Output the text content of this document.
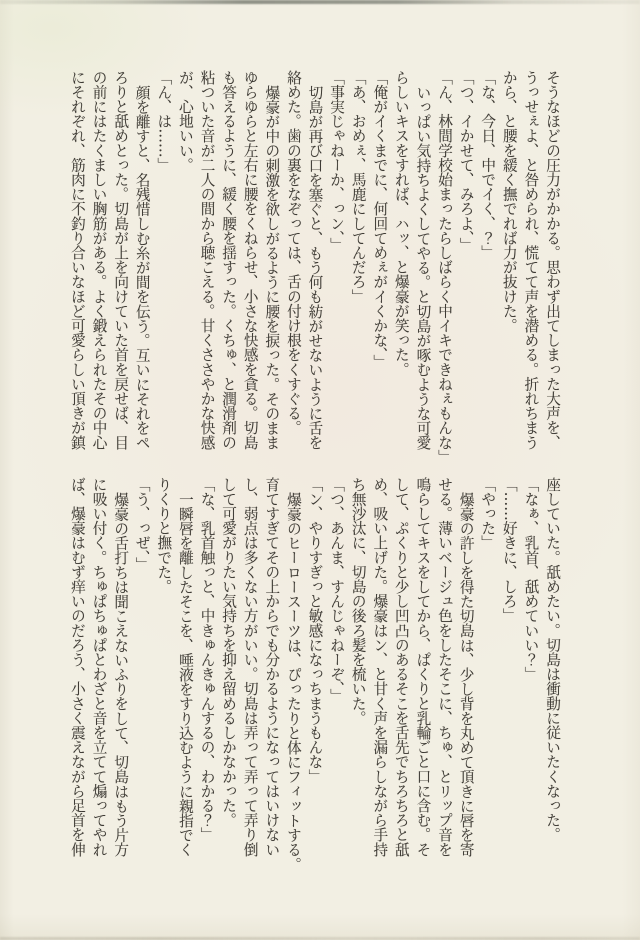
そうなほどの圧力がかかる。思わず出てしまった大声を、
うっせぇよ、と咎められ、慌てて声を潜める。折れちまう
から、と腰を緩く撫でれば力が抜けた。
「な、今日、中でイく、？」
「つ、イかせて、みろよ、」
「ん、林間学校始まったらしばらく中イキできねぇもんな」
いっぱい気持ちよくしてやる。と切島が啄むような可愛
らしいキスをすれば、ハッ、と爆豪が笑った。
「俺がイくまでに、何回てめぇがイくかな、」
「あ、おめぇ、馬鹿にしてんだろ」
「事実じゃねーか、っン、」
切島が再び口を塞ぐと、もう何も紡がせないように舌を
絡めた。歯の裏をなぞっては、舌の付け根をくすぐる。
爆豪が中の刺激を欲しがるように腰を捩った。そのまま
ゆらゆらと左右に腰をくねらせ、小さな快感を貪る。切島
も答えるように、緩く腰を揺すった。くちゅ、と潤滑剤の
粘ついた音が二人の間から聴こえる。甘くささやかな快感
が、心地いい。
「ん、は……」
顔を離すと、名残惜しむ糸が間を伝う。互いにそれをペ
ろりと舐めとった。切島が上を向けていた首を戻せば、目
の前にはたくましい胸筋がある。よく鍛えられたその中心
にそれぞれ、筋肉に不釣り合いなほど可愛らしい頂きが鎮
座していた。舐めたい。切島は衝動に従いたくなった。
「なぁ、乳首、舐めていい？」
「……好きに、しろ」
「やった」
爆豪の許しを得た切島は、少し背を丸めて頂きに唇を寄
せる。薄いベージュ色をしたそこに、ちゅ、とリップ音を
鳴らしてキスをしてから、ぱくりと乳輪ごと口に含む。そ
して、ぷくりと少し凹凸のあるそこを舌先でちろちろと舐
め、吸い上げた。爆豪はン、と甘く声を漏らしながら手持
ち無沙汰に、切島の後ろ髪を梳いた。
「つ、あんま、すんじゃねーぞ、」
「ン、やりすぎっと敏感になっちまうもんな」
爆豪のヒーロースーツは、ぴったりと体にフィットする。
育てすぎてその上からでも分かるようになってはいけない
し、弱点は多くない方がいい。切島は弄って弄って弄り倒
して可愛がりたい気持ちを抑え留めるしかなかった。
「な、乳首触っと、中きゅんきゅんするの、わかる？」
一瞬唇を離したそこを、唾液をすり込むように親指でく
りくりと撫でた。
「う、っぜ、」
爆豪の舌打ちは聞こえないふりをして、切島はもう片方
に吸い付く。ちゅぱちゅぱとわざと音を立てて煽ってやれ
ば、爆豪はむず痒いのだろう、小さく震えながら足首を伸
